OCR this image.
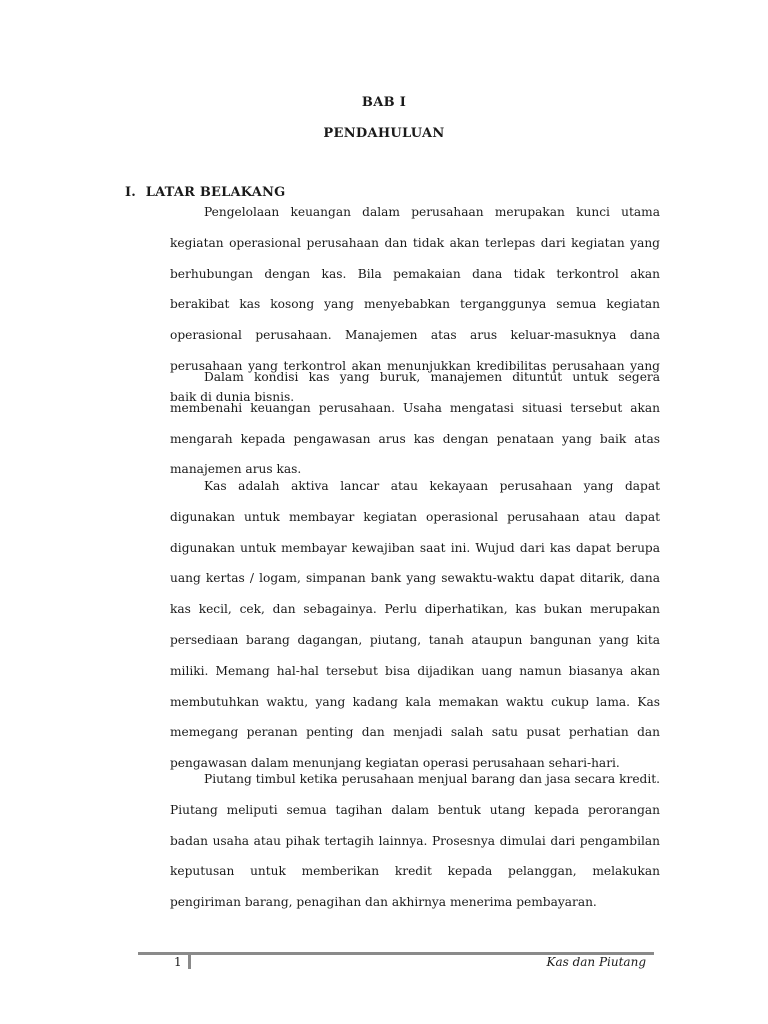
BAB I
PENDAHULUAN
I. LATAR BELAKANG

Pengelolaan keuangan dalam perusahaan merupakan kunci utama kegiatan operasional perusahaan dan tidak akan terlepas dari kegiatan yang berhubungan dengan kas. Bila pemakaian dana tidak terkontrol akan berakibat kas kosong yang menyebabkan terganggunya semua kegiatan operasional perusahaan. Manajemen atas arus keluar-masuknya dana perusahaan yang terkontrol akan menunjukkan kredibilitas perusahaan yang baik di dunia bisnis.

Dalam kondisi kas yang buruk, manajemen dituntut untuk segera membenahi keuangan perusahaan. Usaha mengatasi situasi tersebut akan mengarah kepada pengawasan arus kas dengan penataan yang baik atas manajemen arus kas.

Kas adalah aktiva lancar atau kekayaan perusahaan yang dapat digunakan untuk membayar kegiatan operasional perusahaan atau dapat digunakan untuk membayar kewajiban saat ini. Wujud dari kas dapat berupa uang kertas / logam, simpanan bank yang sewaktu-waktu dapat ditarik, dana kas kecil, cek, dan sebagainya. Perlu diperhatikan, kas bukan merupakan persediaan barang dagangan, piutang, tanah ataupun bangunan yang kita miliki. Memang hal-hal tersebut bisa dijadikan uang namun biasanya akan membutuhkan waktu, yang kadang kala memakan waktu cukup lama. Kas memegang peranan penting dan menjadi salah satu pusat perhatian dan pengawasan dalam menunjang kegiatan operasi perusahaan sehari-hari.

Piutang timbul ketika perusahaan menjual barang dan jasa secara kredit. Piutang meliputi semua tagihan dalam bentuk utang kepada perorangan badan usaha atau pihak tertagih lainnya. Prosesnya dimulai dari pengambilan keputusan untuk memberikan kredit kepada pelanggan, melakukan pengiriman barang, penagihan dan akhirnya menerima pembayaran.

1	Kas dan Piutang
